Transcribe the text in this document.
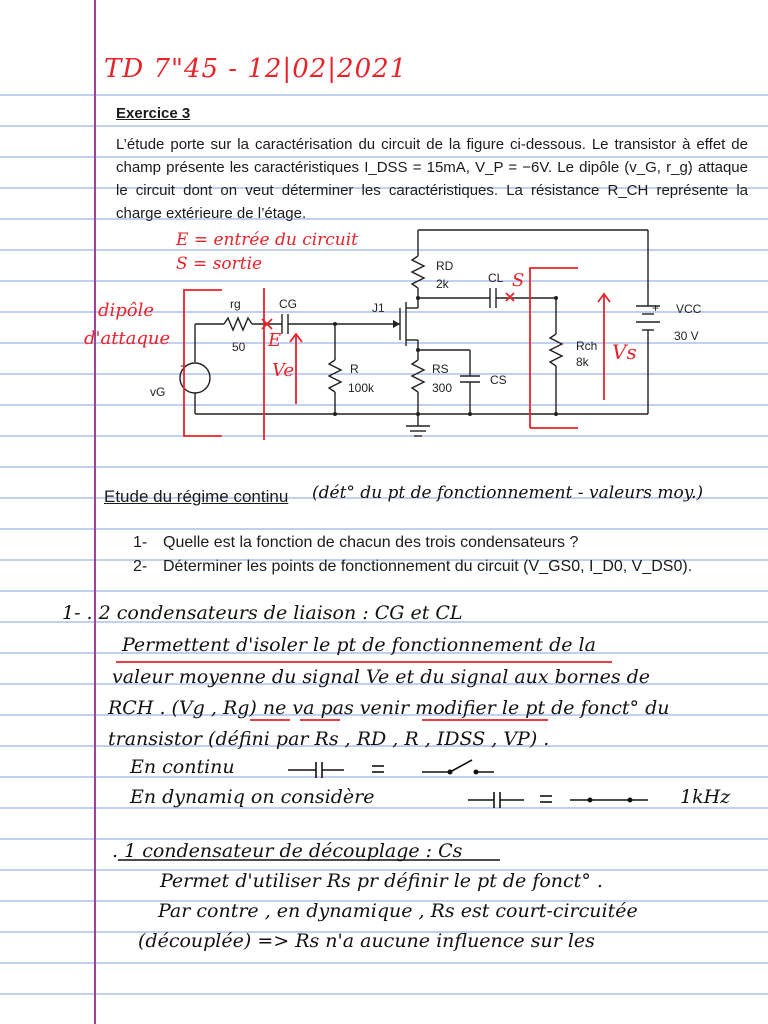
TD 7"45 - 12|02|2021
Exercice 3
L’étude porte sur la caractérisation du circuit de la figure ci-dessous. Le transistor à effet de champ présente les caractéristiques I_DSS = 15mA, V_P = −6V. Le dipôle (v_G, r_g) attaque le circuit dont on veut déterminer les caractéristiques. La résistance R_CH représente la charge extérieure de l’étage.
+
+
rg
50
CG
vG
R
100k
J1
RD
2k
RS
300
CS
CL
Rch
8k
VCC
30 V
E = entrée du circuit
S = sortie
dipôle
d'attaque	E
S
Ve
Vs
Etude du régime continu (dét° du pt de fonctionnement - valeurs moy.)
1- Quelle est la fonction de chacun des trois condensateurs ?
2- Déterminer les points de fonctionnement du circuit (V_GS0, I_D0, V_DS0).
1- . 2 condensateurs de liaison : CG et CL
Permettent d'isoler le pt de fonctionnement de la
valeur moyenne du signal Ve et du signal aux bornes de
RCH . (Vg , Rg) ne va pas venir modifier le pt de fonct° du
transistor (défini par Rs , RD , R , IDSS , VP) .
En continu
En dynamiq on considère	1kHz
. 1 condensateur de découplage : Cs
Permet d'utiliser Rs pr définir le pt de fonct° .
Par contre , en dynamique , Rs est court-circuitée
(découplée) => Rs n'a aucune influence sur les
